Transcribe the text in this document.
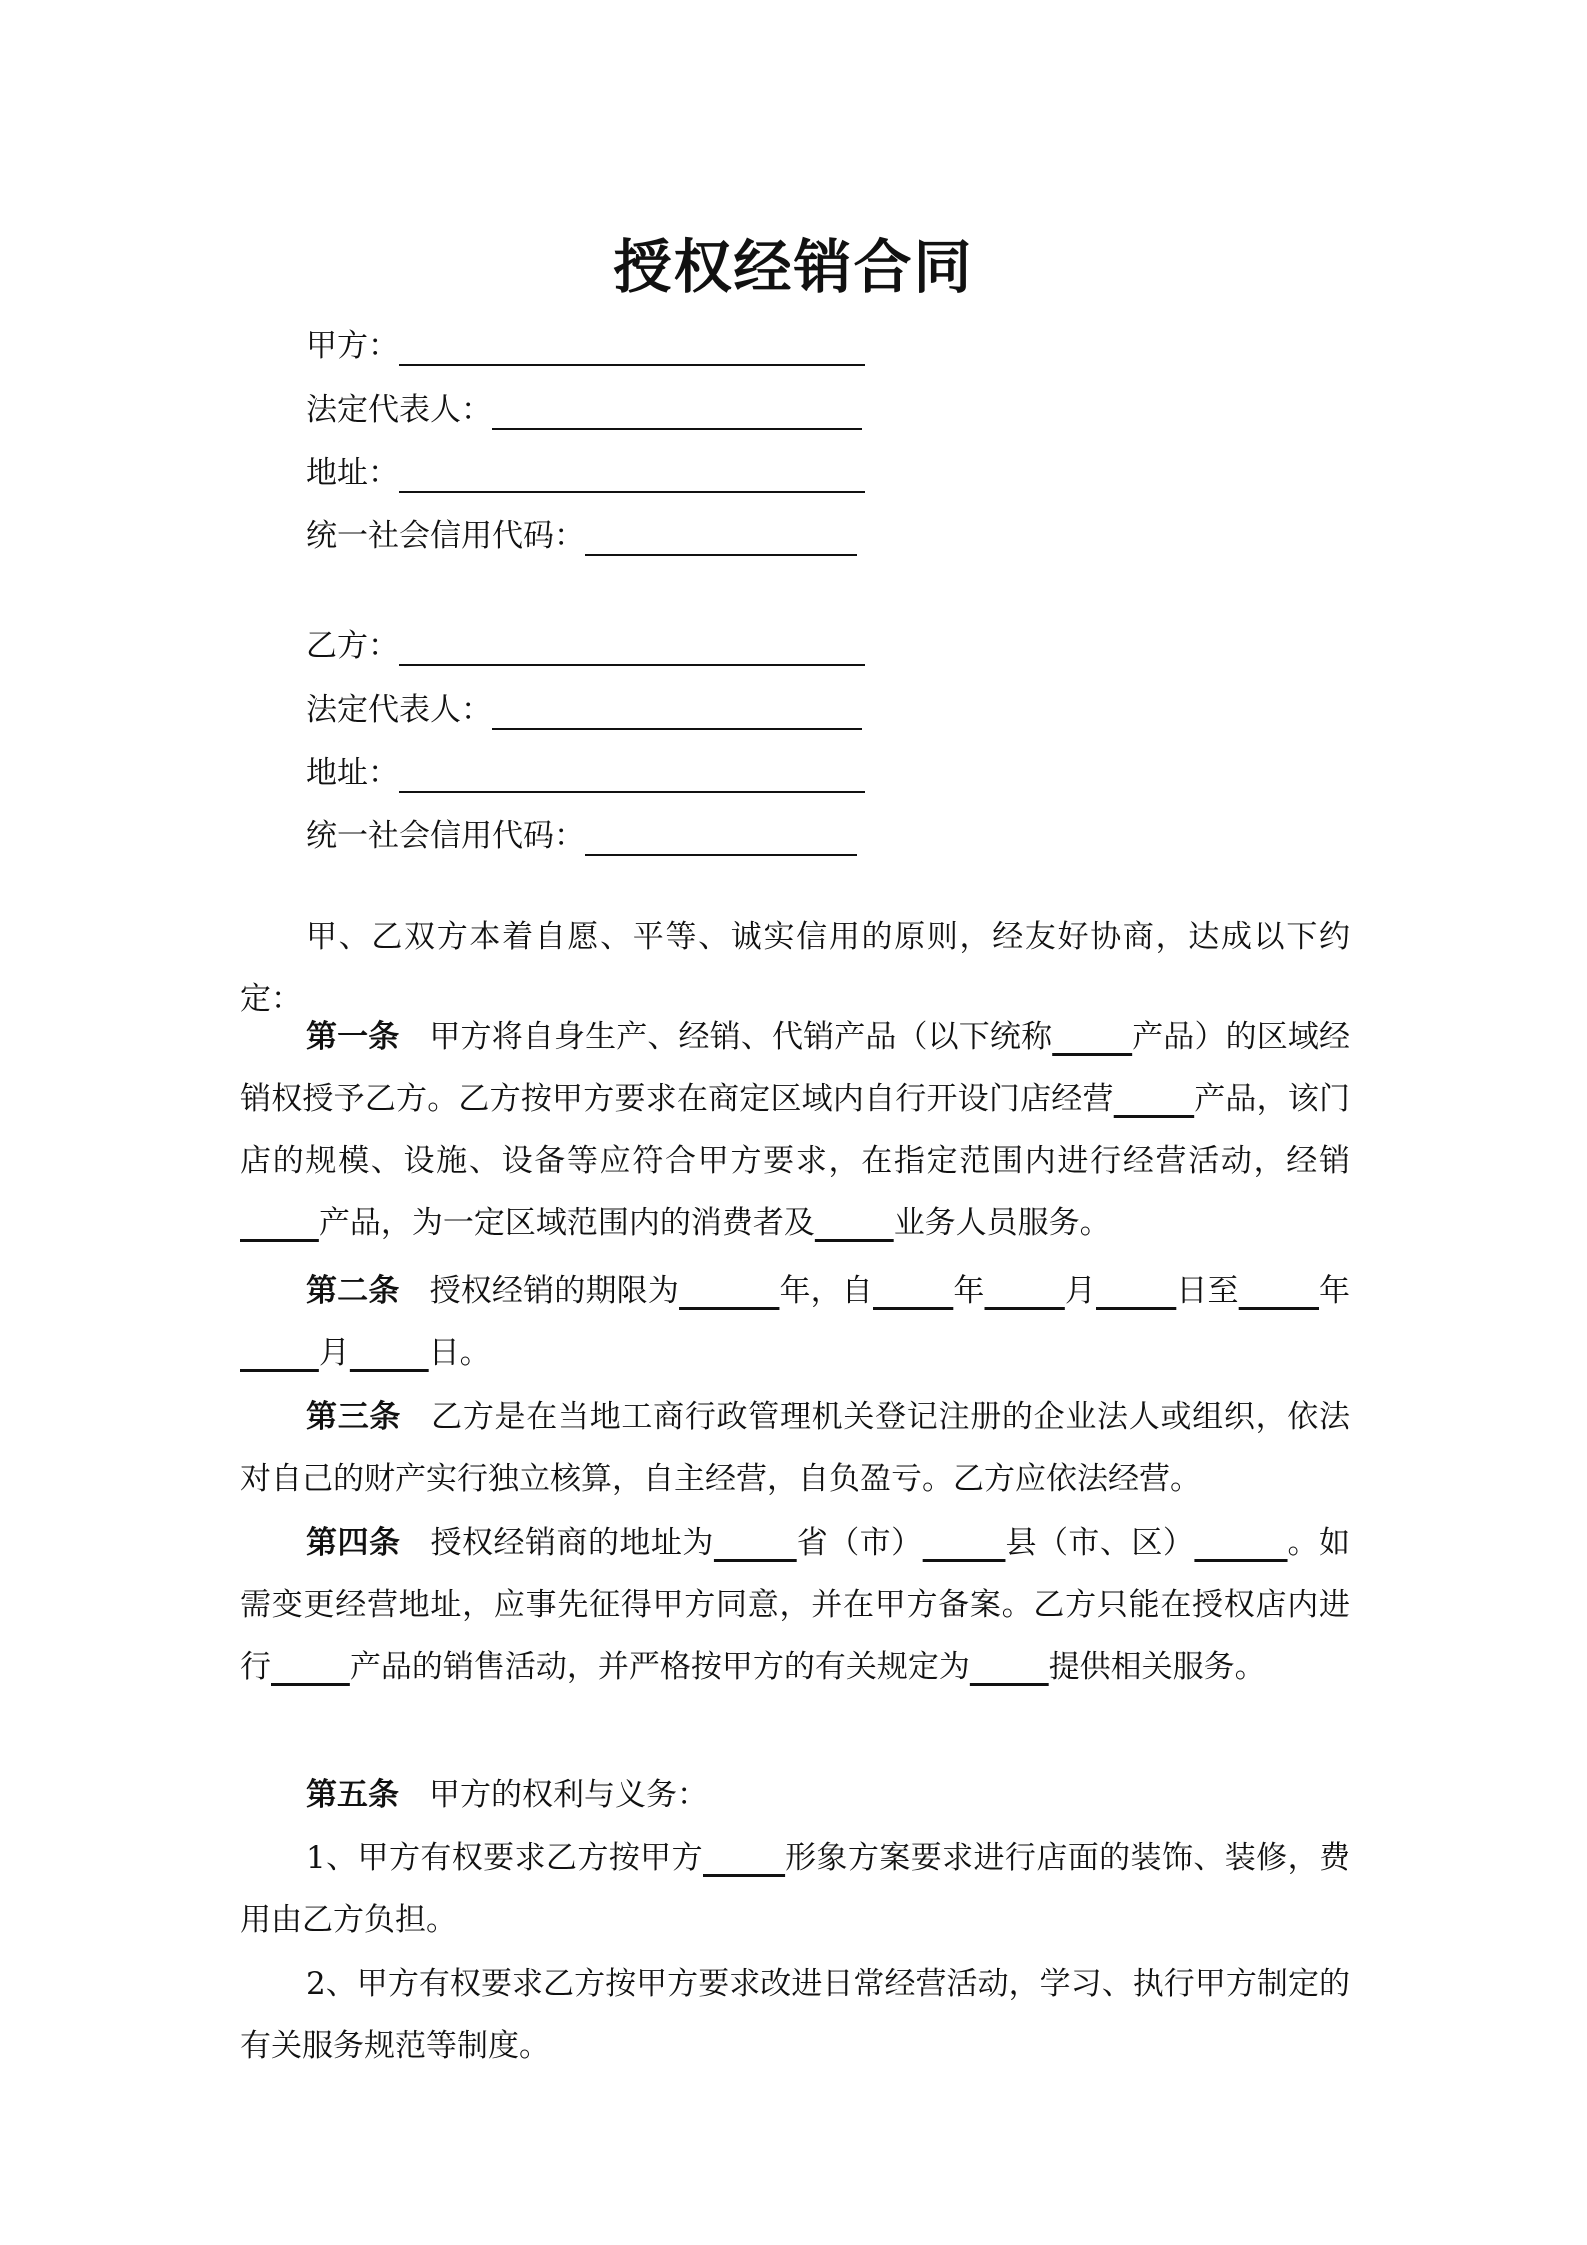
授权经销合同
甲方：
法定代表人：
地址：
统一社会信用代码：
乙方：
法定代表人：
地址：
统一社会信用代码：

甲、乙双方本着自愿、平等、诚实信用的原则，经友好协商，达成以下约定：

第一条 甲方将自身生产、经销、代销产品（以下统称	产品）的区域经销权授予乙方。乙方按甲方要求在商定区域内自行开设门店经营	产品，该门店的规模、设施、设备等应符合甲方要求，在指定范围内进行经营活动，经销        产品，为一定区域范围内的消费者及	业务人员服务。

第二条 授权经销的期限为	年，自	年	月	日至	年        月	日。

第三条 乙方是在当地工商行政管理机关登记注册的企业法人或组织，依法对自己的财产实行独立核算，自主经营，自负盈亏。乙方应依法经营。

第四条 授权经销商的地址为	省（市）	县（市、区）	。如需变更经营地址，应事先征得甲方同意，并在甲方备案。乙方只能在授权店内进行	产品的销售活动，并严格按甲方的有关规定为	提供相关服务。

第五条 甲方的权利与义务：

1、甲方有权要求乙方按甲方	形象方案要求进行店面的装饰、装修，费用由乙方负担。

2、甲方有权要求乙方按甲方要求改进日常经营活动，学习、执行甲方制定的有关服务规范等制度。
